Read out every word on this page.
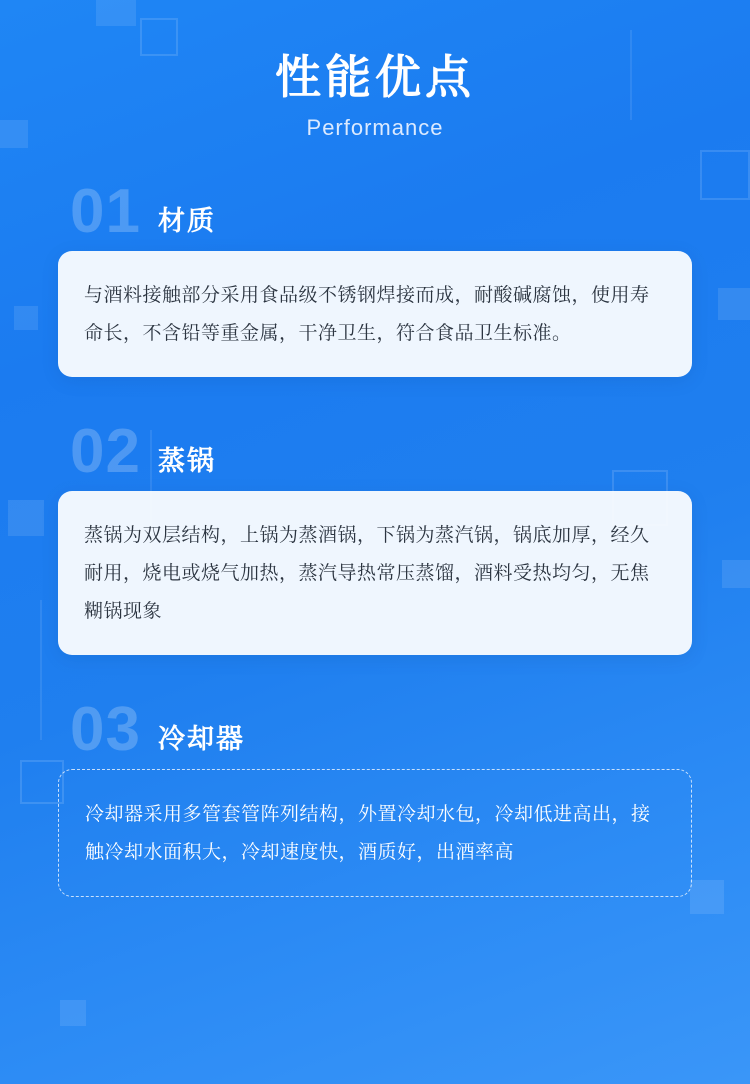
性能优点
Performance
01 材质

与酒料接触部分采用食品级不锈钢焊接而成，耐酸碱腐蚀，使用寿命长，不含铅等重金属，干净卫生，符合食品卫生标准。

02 蒸锅

蒸锅为双层结构，上锅为蒸酒锅，下锅为蒸汽锅，锅底加厚，经久耐用，烧电或烧气加热，蒸汽导热常压蒸馏，酒料受热均匀，无焦糊锅现象

03 冷却器

冷却器采用多管套管阵列结构，外置冷却水包，冷却低进高出，接触冷却水面积大，冷却速度快，酒质好，出酒率高
